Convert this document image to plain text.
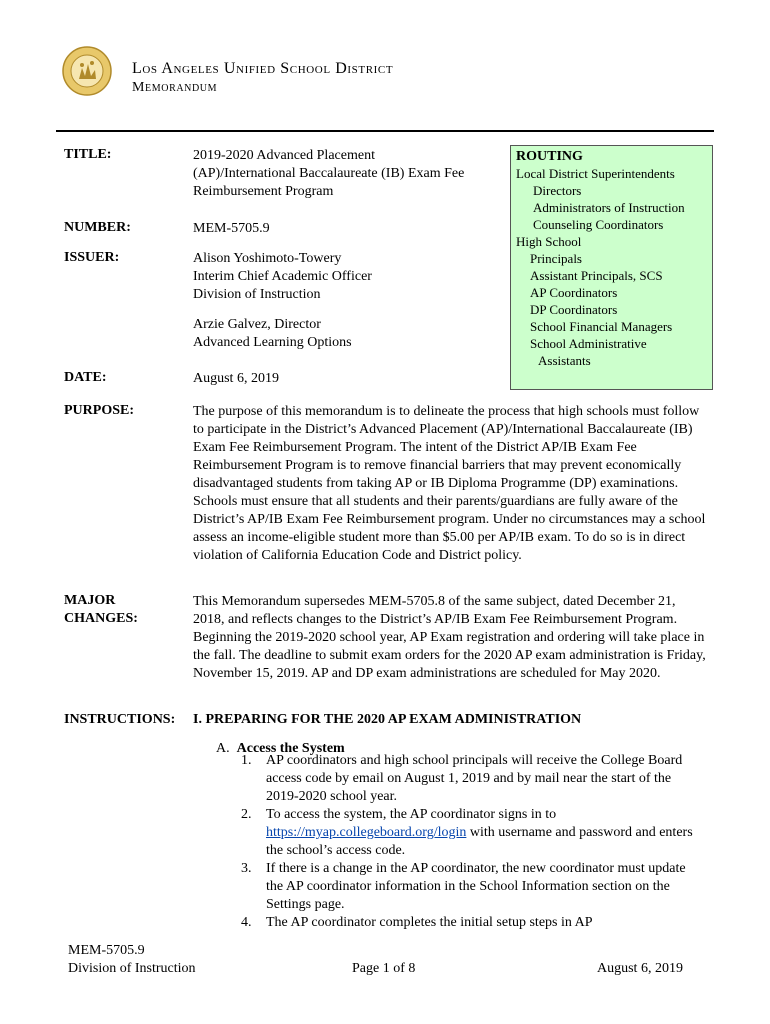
Los Angeles Unified School District
Memorandum
TITLE:	2019-2020 Advanced Placement
(AP)/International Baccalaureate (IB) Exam Fee
Reimbursement Program
NUMBER:	MEM-5705.9
ISSUER:	Alison Yoshimoto-Towery
Interim Chief Academic Officer
Division of Instruction
Arzie Galvez, Director
Advanced Learning Options
DATE:	August 6, 2019
ROUTING
Local District Superintendents
Directors
Administrators of Instruction
Counseling Coordinators
High School
Principals
Assistant Principals, SCS
AP Coordinators
DP Coordinators
School Financial Managers
School Administrative
Assistants
PURPOSE:	The purpose of this memorandum is to delineate the process that high schools must follow to participate in the District’s Advanced Placement (AP)/International Baccalaureate (IB) Exam Fee Reimbursement Program. The intent of the District AP/IB Exam Fee Reimbursement Program is to remove financial barriers that may prevent economically disadvantaged students from taking AP or IB Diploma Programme (DP) examinations. Schools must ensure that all students and their parents/guardians are fully aware of the District’s AP/IB Exam Fee Reimbursement program. Under no circumstances may a school assess an income-eligible student more than $5.00 per AP/IB exam. To do so is in direct violation of California Education Code and District policy.
MAJOR
CHANGES:
This Memorandum supersedes MEM-5705.8 of the same subject, dated December 21, 2018, and reflects changes to the District’s AP/IB Exam Fee Reimbursement Program. Beginning the 2019-2020 school year, AP Exam registration and ordering will take place in the fall. The deadline to submit exam orders for the 2020 AP exam administration is Friday, November 15, 2019. AP and DP exam administrations are scheduled for May 2020.
INSTRUCTIONS: I. PREPARING FOR THE 2020 AP EXAM ADMINISTRATION
A. Access the System
1. AP coordinators and high school principals will receive the College Board access code by email on August 1, 2019 and by mail near the start of the 2019-2020 school year.
2. To access the system, the AP coordinator signs in to https://myap.collegeboard.org/login with username and password and enters the school’s access code.
3. If there is a change in the AP coordinator, the new coordinator must update the AP coordinator information in the School Information section on the Settings page.
4. The AP coordinator completes the initial setup steps in AP
MEM-5705.9
Division of Instruction	Page 1 of 8	August 6, 2019
